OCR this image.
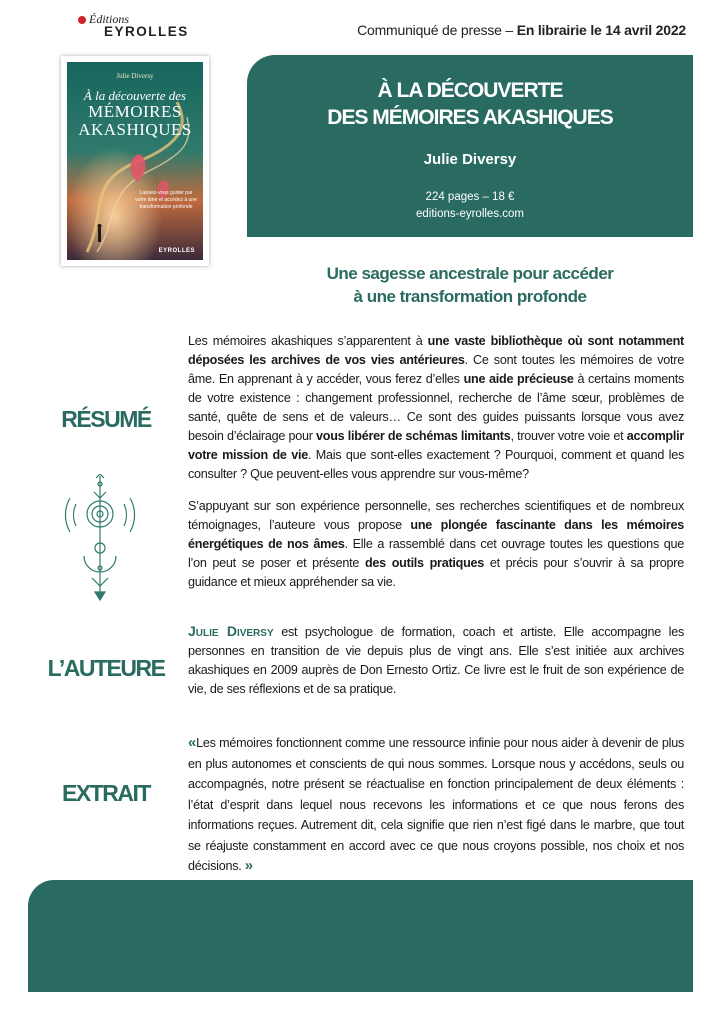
Éditions
EYROLLES	Communiqué de presse – En librairie le 14 avril 2022
Julie Diversy
À la découverte des
MÉMOIRES
AKASHIQUES
Laissez-vous guider par votre âme et accédez à une transformation profonde
EYROLLES
À LA DÉCOUVERTE
DES MÉMOIRES AKASHIQUES
Julie Diversy
224 pages – 18 €
editions-eyrolles.com
Une sagesse ancestrale pour accéder
à une transformation profonde
RÉSUMÉ
Les mémoires akashiques s’apparentent à une vaste bibliothèque où sont notamment déposées les archives de vos vies antérieures. Ce sont toutes les mémoires de votre âme. En apprenant à y accéder, vous ferez d’elles une aide précieuse à certains moments de votre existence : changement professionnel, recherche de l’âme sœur, problèmes de santé, quête de sens et de valeurs… Ce sont des guides puissants lorsque vous avez besoin d’éclairage pour vous libérer de schémas limitants, trouver votre voie et accomplir votre mission de vie. Mais que sont-elles exactement ? Pourquoi, comment et quand les consulter ? Que peuvent-elles vous apprendre sur vous-même?
S’appuyant sur son expérience personnelle, ses recherches scientifiques et de nombreux témoignages, l’auteure vous propose une plongée fascinante dans les mémoires énergétiques de nos âmes. Elle a rassemblé dans cet ouvrage toutes les questions que l’on peut se poser et présente des outils pratiques et précis pour s’ouvrir à sa propre guidance et mieux appréhender sa vie.
L’AUTEURE
Julie Diversy est psychologue de formation, coach et artiste. Elle accompagne les personnes en transition de vie depuis plus de vingt ans. Elle s’est initiée aux archives akashiques en 2009 auprès de Don Ernesto Ortiz. Ce livre est le fruit de son expérience de vie, de ses réflexions et de sa pratique.
EXTRAIT
«Les mémoires fonctionnent comme une ressource infinie pour nous aider à devenir de plus en plus autonomes et conscients de qui nous sommes. Lorsque nous y accédons, seuls ou accompagnés, notre présent se réactualise en fonction principalement de deux éléments : l’état d’esprit dans lequel nous recevons les informations et ce que nous ferons des informations reçues. Autrement dit, cela signifie que rien n’est figé dans le marbre, que tout se réajuste constamment en accord avec ce que nous croyons possible, nos choix et nos décisions. »
